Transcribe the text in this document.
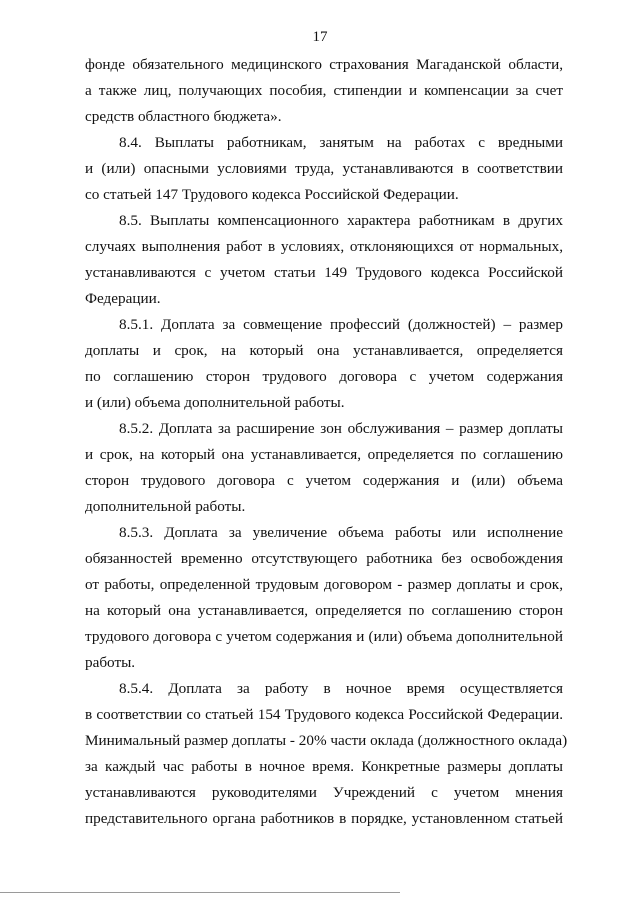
17
фонде обязательного медицинского страхования Магаданской области,
а также лиц, получающих пособия, стипендии и компенсации за счет
средств областного бюджета».
8.4. Выплаты работникам, занятым на работах с вредными
и (или) опасными условиями труда, устанавливаются в соответствии
со статьей 147 Трудового кодекса Российской Федерации.
8.5. Выплаты компенсационного характера работникам в других
случаях выполнения работ в условиях, отклоняющихся от нормальных,
устанавливаются с учетом статьи 149 Трудового кодекса Российской
Федерации.
8.5.1. Доплата за совмещение профессий (должностей) – размер
доплаты и срок, на который она устанавливается, определяется
по соглашению сторон трудового договора с учетом содержания
и (или) объема дополнительной работы.
8.5.2. Доплата за расширение зон обслуживания – размер доплаты
и срок, на который она устанавливается, определяется по соглашению
сторон трудового договора с учетом содержания и (или) объема
дополнительной работы.
8.5.3. Доплата за увеличение объема работы или исполнение
обязанностей временно отсутствующего работника без освобождения
от работы, определенной трудовым договором - размер доплаты и срок,
на который она устанавливается, определяется по соглашению сторон
трудового договора с учетом содержания и (или) объема дополнительной
работы.
8.5.4. Доплата за работу в ночное время осуществляется
в соответствии со статьей 154 Трудового кодекса Российской Федерации.
Минимальный размер доплаты - 20% части оклада (должностного оклада)
за каждый час работы в ночное время. Конкретные размеры доплаты
устанавливаются руководителями Учреждений с учетом мнения
представительного органа работников в порядке, установленном статьей
